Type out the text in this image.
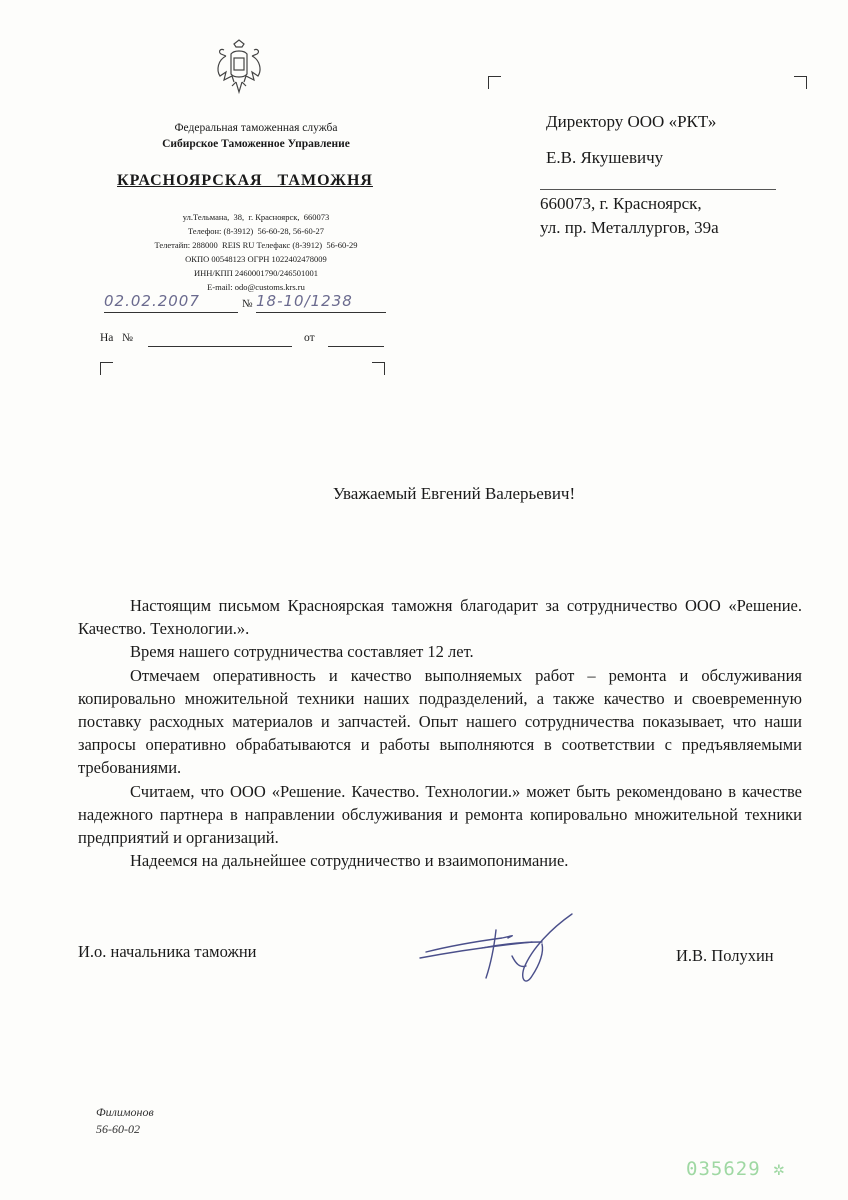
Федеральная таможенная служба
Сибирское Таможенное Управление
КРАСНОЯРСКАЯ   ТАМОЖНЯ
ул.Тельмана,  38,  г. Красноярск,  660073
Телефон: (8-3912)  56-60-28, 56-60-27
Телетайп: 288000  REIS RU Телефакс (8-3912)  56-60-29
ОКПО 00548123 ОГРН 1022402478009
ИНН/КПП 2460001790/246501001
E-mail: odo@customs.krs.ru
02.02.2007	№ 18-10/1238
На   №	от
Директору ООО «РКТ»
Е.В. Якушевичу
660073, г. Красноярск,
ул. пр. Металлургов, 39а
Уважаемый Евгений Валерьевич!

Настоящим письмом Красноярская таможня благодарит за сотрудничество ООО «Решение. Качество. Технологии.».

Время нашего сотрудничества составляет 12 лет.

Отмечаем оперативность и качество выполняемых работ – ремонта и обслуживания копировально множительной техники наших подразделений, а также качество и своевременную поставку расходных материалов и запчастей. Опыт нашего сотрудничества показывает, что наши запросы оперативно обрабатываются и работы выполняются в соответствии с предъявляемыми требованиями.

Считаем, что ООО «Решение. Качество. Технологии.» может быть рекомендовано в качестве надежного партнера в направлении обслуживания и ремонта копировально множительной техники предприятий и организаций.

Надеемся на дальнейшее сотрудничество и взаимопонимание.

И.о. начальника таможни	И.В. Полухин
Филимонов
56-60-02
035629 ✲
